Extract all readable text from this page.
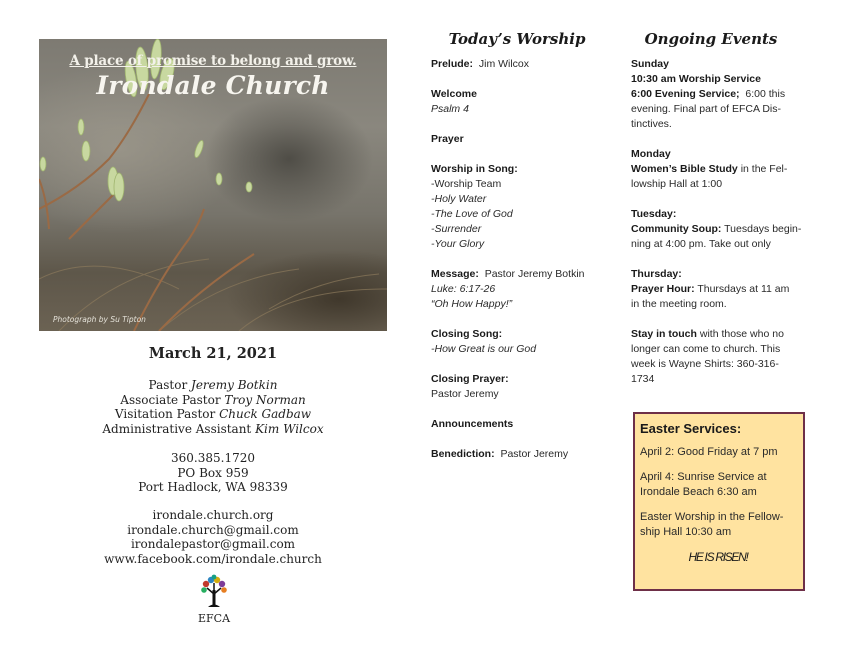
A place of promise to belong and grow.
Irondale Church
Photograph by Su Tipton
March 21, 2021
Pastor Jeremy Botkin
Associate Pastor Troy Norman
Visitation Pastor Chuck Gadbaw
Administrative Assistant Kim Wilcox
360.385.1720
PO Box 959
Port Hadlock, WA 98339
irondale.church.org
irondale.church@gmail.com
irondalepastor@gmail.com
www.facebook.com/irondale.church
EFCA
Today’s Worship
Prelude: Jim Wilcox
Welcome
Psalm 4
Prayer
Worship in Song:
-Worship Team
-Holy Water
-The Love of God
-Surrender
-Your Glory
Message: Pastor Jeremy Botkin
Luke: 6:17-26
“Oh How Happy!”
Closing Song:
-How Great is our God
Closing Prayer:
Pastor Jeremy
Announcements
Benediction: Pastor Jeremy
Ongoing Events
Sunday
10:30 am Worship Service
6:00 Evening Service; 6:00 this
evening. Final part of EFCA Dis-
tinctives.
Monday
Women’s Bible Study in the Fel-
lowship Hall at 1:00
Tuesday:
Community Soup: Tuesdays begin-
ning at 4:00 pm. Take out only
Thursday:
Prayer Hour: Thursdays at 11 am
in the meeting room.
Stay in touch with those who no
longer can come to church. This
week is Wayne Shirts: 360-316-
1734
Easter Services:
April 2: Good Friday at 7 pm
April 4: Sunrise Service at
Irondale Beach 6:30 am
Easter Worship in the Fellow-
ship Hall 10:30 am
HE IS RISEN!
